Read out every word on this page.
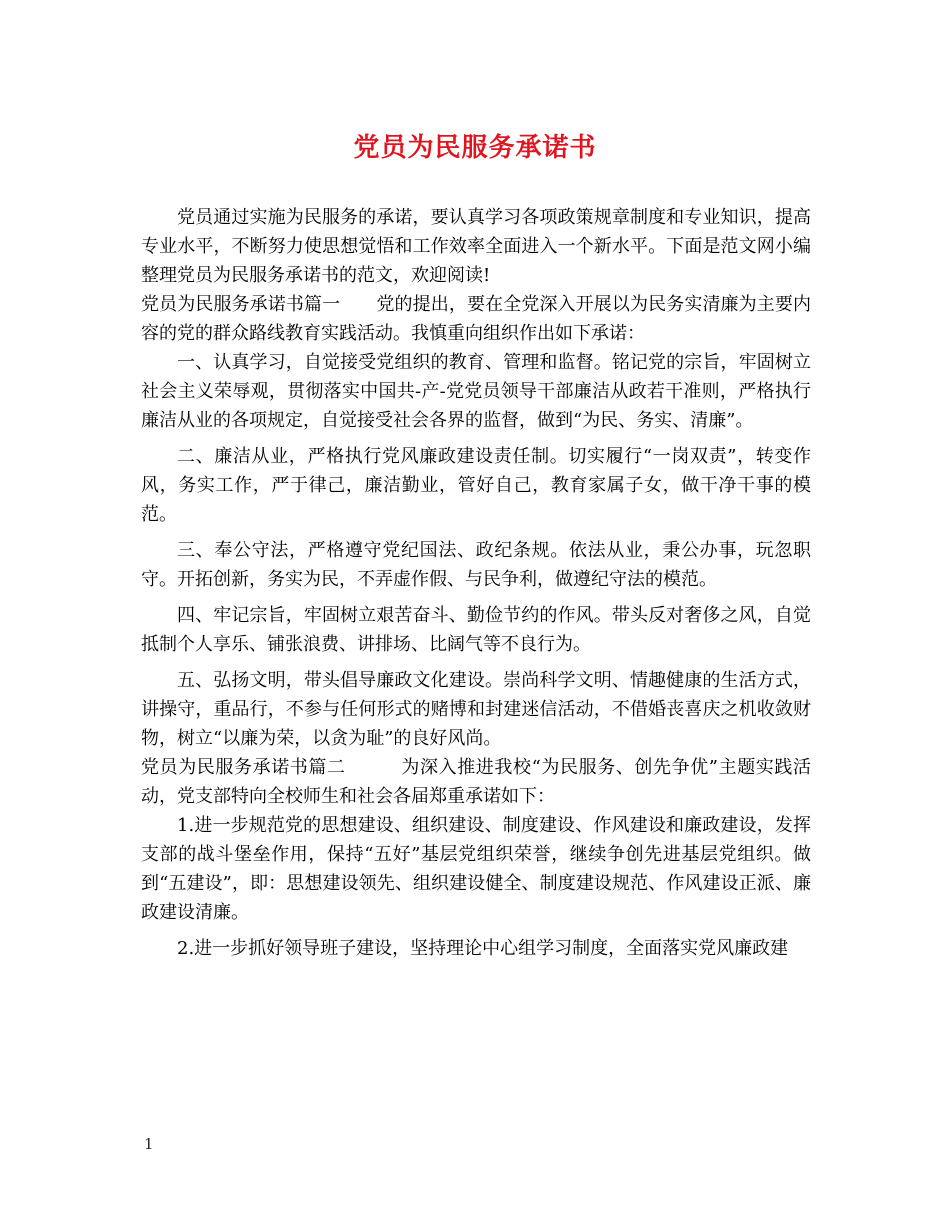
党员为民服务承诺书

党员通过实施为民服务的承诺，要认真学习各项政策规章制度和专业知识，提高专业水平，不断努力使思想觉悟和工作效率全面进入一个新水平。下面是范文网小编整理党员为民服务承诺书的范文，欢迎阅读!

党员为民服务承诺书篇一　　党的提出，要在全党深入开展以为民务实清廉为主要内容的党的群众路线教育实践活动。我慎重向组织作出如下承诺：

一、认真学习，自觉接受党组织的教育、管理和监督。铭记党的宗旨，牢固树立社会主义荣辱观，贯彻落实中国共-产-党党员领导干部廉洁从政若干准则，严格执行廉洁从业的各项规定，自觉接受社会各界的监督，做到“为民、务实、清廉”。

二、廉洁从业，严格执行党风廉政建设责任制。切实履行“一岗双责”，转变作风，务实工作，严于律己，廉洁勤业，管好自己，教育家属子女，做干净干事的模范。

三、奉公守法，严格遵守党纪国法、政纪条规。依法从业，秉公办事，玩忽职守。开拓创新，务实为民，不弄虚作假、与民争利，做遵纪守法的模范。

四、牢记宗旨，牢固树立艰苦奋斗、勤俭节约的作风。带头反对奢侈之风，自觉抵制个人享乐、铺张浪费、讲排场、比阔气等不良行为。

五、弘扬文明，带头倡导廉政文化建设。崇尚科学文明、情趣健康的生活方式，讲操守，重品行，不参与任何形式的赌博和封建迷信活动，不借婚丧喜庆之机收敛财物，树立“以廉为荣，以贪为耻”的良好风尚。

党员为民服务承诺书篇二　　　为深入推进我校“为民服务、创先争优”主题实践活动，党支部特向全校师生和社会各届郑重承诺如下：

1.进一步规范党的思想建设、组织建设、制度建设、作风建设和廉政建设，发挥支部的战斗堡垒作用，保持“五好”基层党组织荣誉，继续争创先进基层党组织。做到“五建设”，即：思想建设领先、组织建设健全、制度建设规范、作风建设正派、廉政建设清廉。

2.进一步抓好领导班子建设，坚持理论中心组学习制度，全面落实党风廉政建

1
